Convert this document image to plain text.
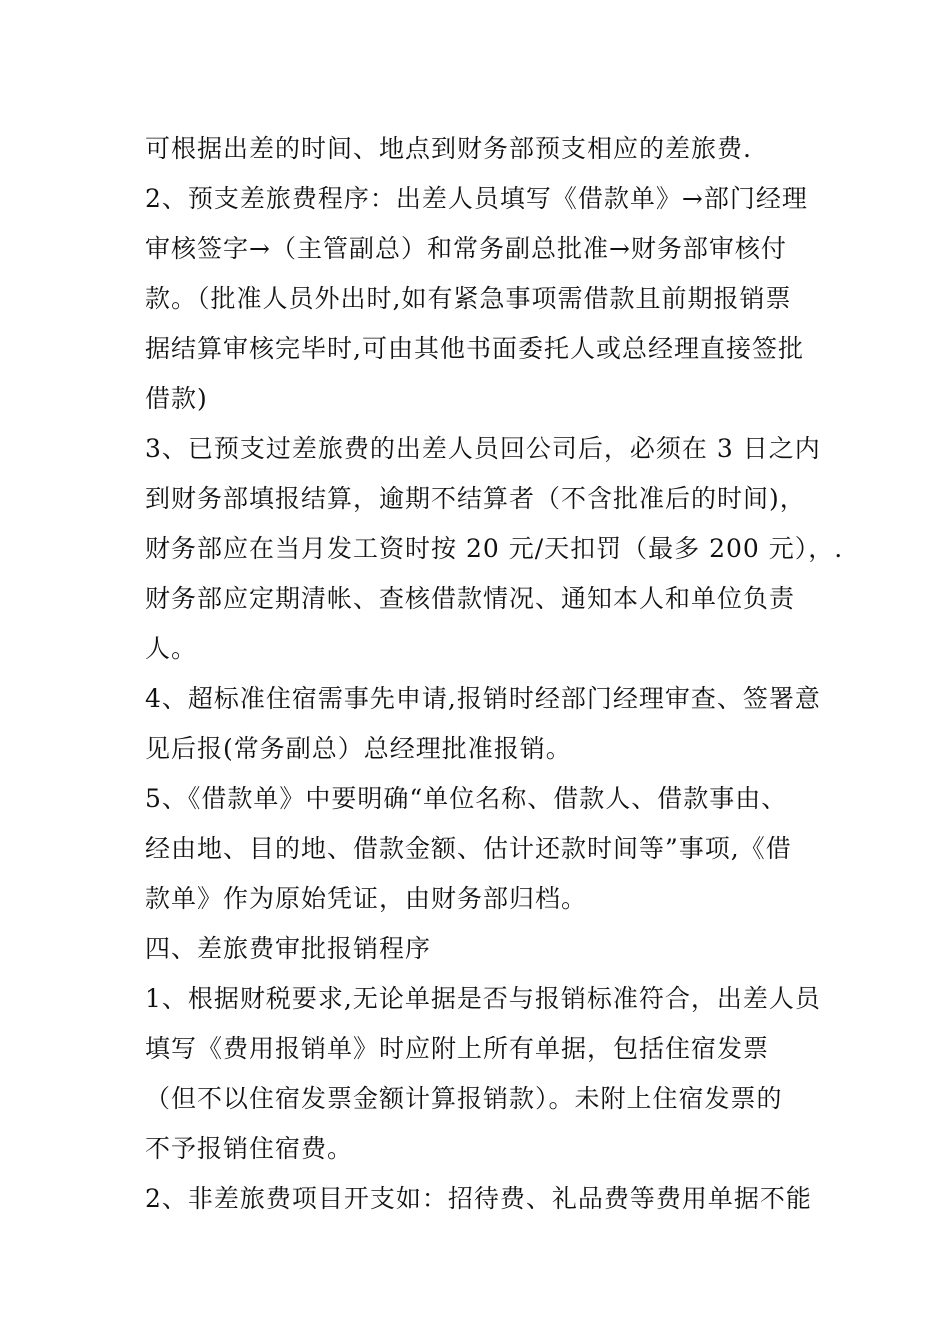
可根据出差的时间、地点到财务部预支相应的差旅费.
2、预支差旅费程序：出差人员填写《借款单》→部门经理
审核签字→（主管副总）和常务副总批准→财务部审核付
款。（批准人员外出时,如有紧急事项需借款且前期报销票
据结算审核完毕时,可由其他书面委托人或总经理直接签批
借款)
3、已预支过差旅费的出差人员回公司后，必须在 3 日之内
到财务部填报结算，逾期不结算者（不含批准后的时间)，
财务部应在当月发工资时按 20 元/天扣罚（最多 200 元），.
财务部应定期清帐、查核借款情况、通知本人和单位负责
人。
4、超标准住宿需事先申请,报销时经部门经理审查、签署意
见后报(常务副总）总经理批准报销。
5、《借款单》中要明确“单位名称、借款人、借款事由、
经由地、目的地、借款金额、估计还款时间等”事项,《借
款单》作为原始凭证，由财务部归档。
四、差旅费审批报销程序
1、根据财税要求,无论单据是否与报销标准符合，出差人员
填写《费用报销单》时应附上所有单据，包括住宿发票
（但不以住宿发票金额计算报销款）。未附上住宿发票的
不予报销住宿费。
2、非差旅费项目开支如：招待费、礼品费等费用单据不能
